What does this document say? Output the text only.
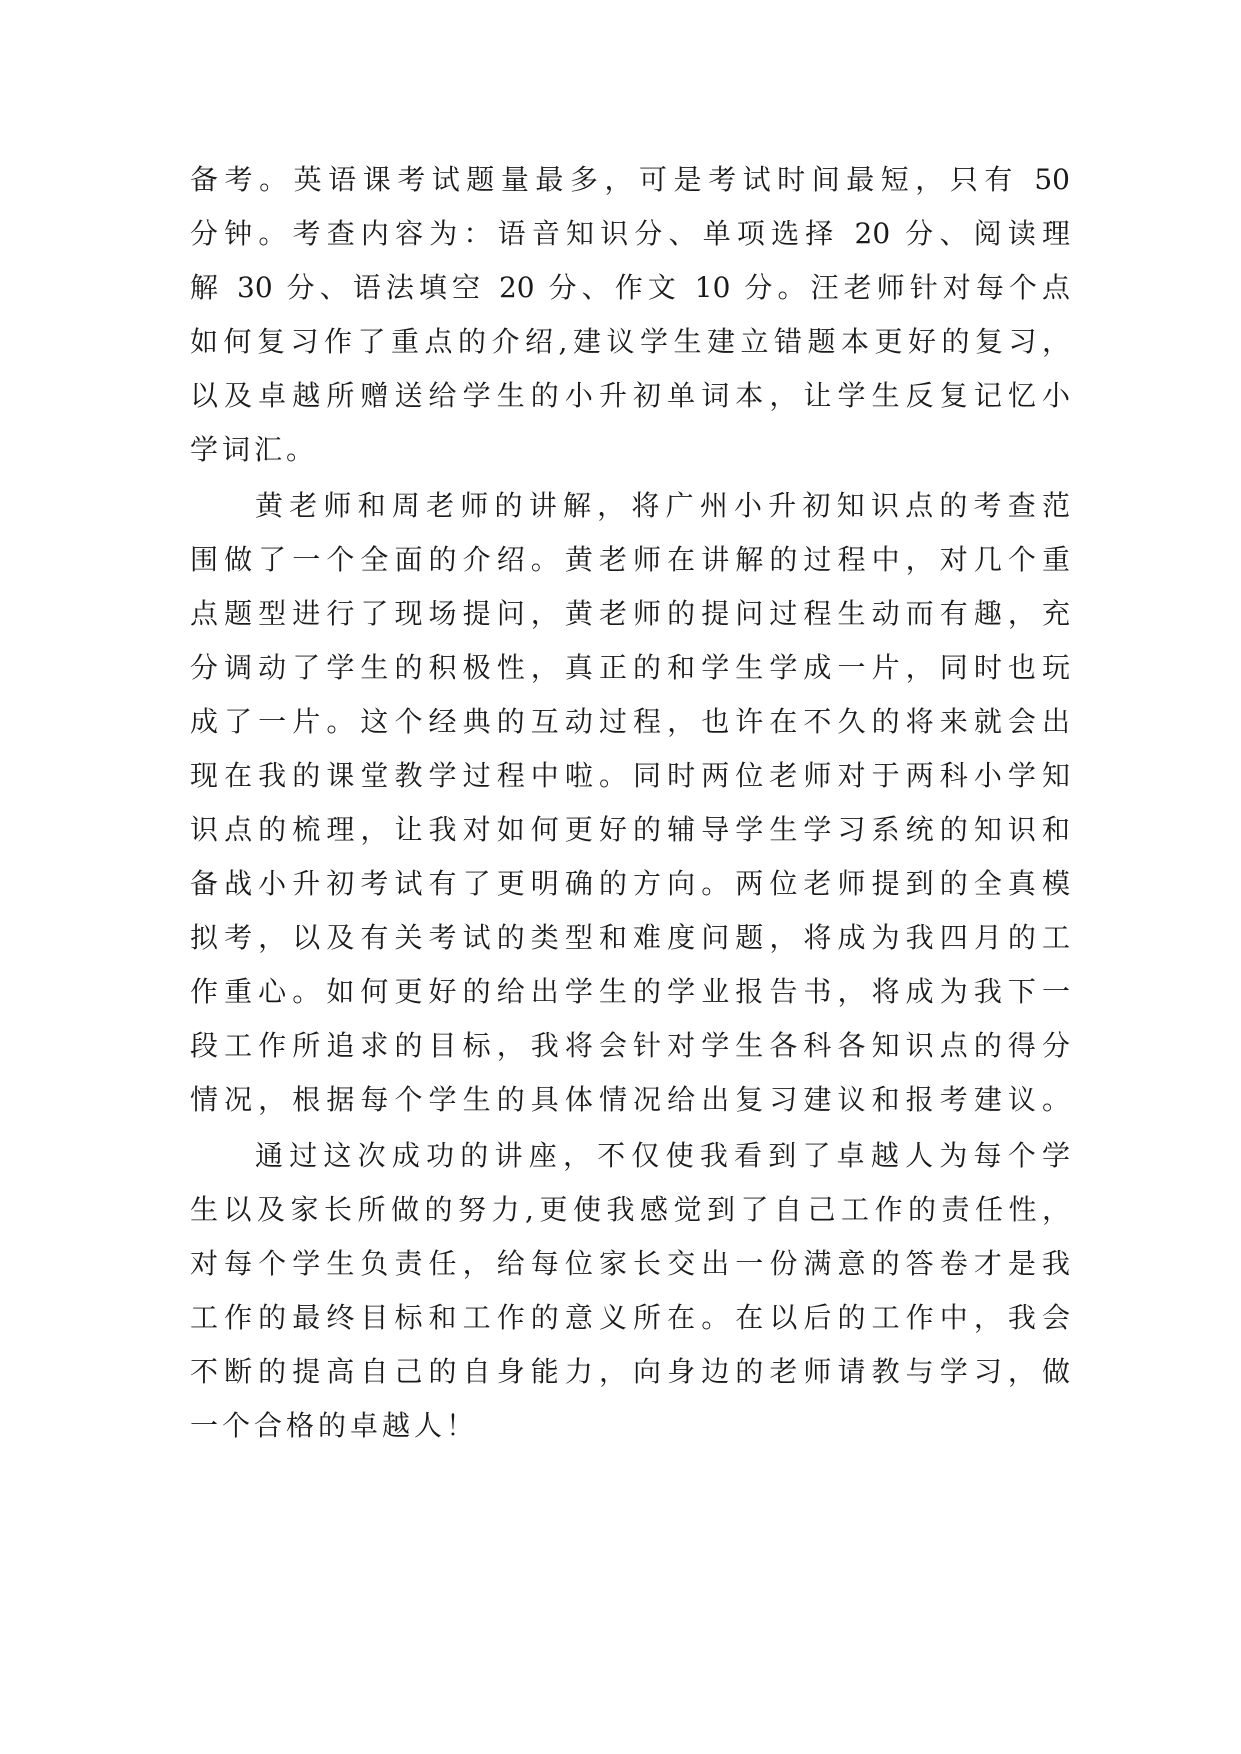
备考。英语课考试题量最多，可是考试时间最短，只有 50
分钟。考查内容为：语音知识分、单项选择 20 分、阅读理
解 30 分、语法填空 20 分、作文 10 分。汪老师针对每个点
如何复习作了重点的介绍,建议学生建立错题本更好的复习，
以及卓越所赠送给学生的小升初单词本，让学生反复记忆小
学词汇。
黄老师和周老师的讲解，将广州小升初知识点的考查范
围做了一个全面的介绍。黄老师在讲解的过程中，对几个重
点题型进行了现场提问，黄老师的提问过程生动而有趣，充
分调动了学生的积极性，真正的和学生学成一片，同时也玩
成了一片。这个经典的互动过程，也许在不久的将来就会出
现在我的课堂教学过程中啦。同时两位老师对于两科小学知
识点的梳理，让我对如何更好的辅导学生学习系统的知识和
备战小升初考试有了更明确的方向。两位老师提到的全真模
拟考，以及有关考试的类型和难度问题，将成为我四月的工
作重心。如何更好的给出学生的学业报告书，将成为我下一
段工作所追求的目标，我将会针对学生各科各知识点的得分
情况，根据每个学生的具体情况给出复习建议和报考建议。
通过这次成功的讲座，不仅使我看到了卓越人为每个学
生以及家长所做的努力,更使我感觉到了自己工作的责任性，
对每个学生负责任，给每位家长交出一份满意的答卷才是我
工作的最终目标和工作的意义所在。在以后的工作中，我会
不断的提高自己的自身能力，向身边的老师请教与学习，做
一个合格的卓越人！
